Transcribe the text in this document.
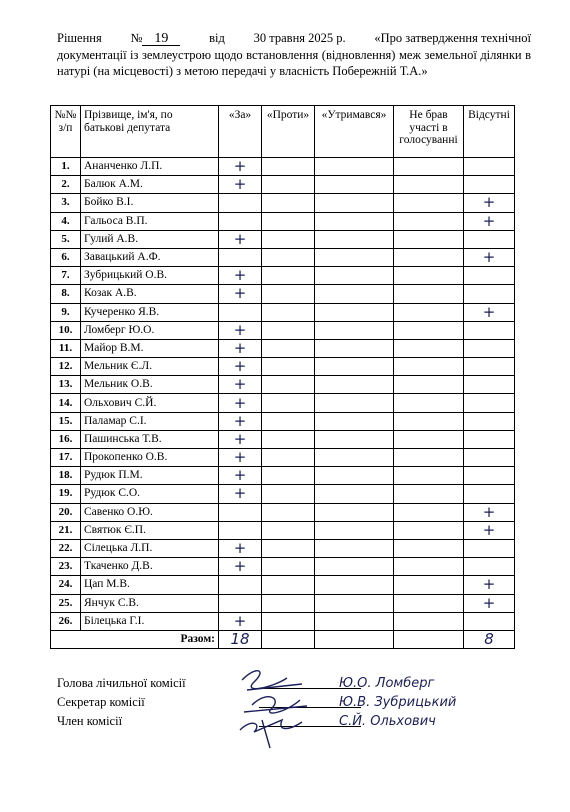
Рішення № 19	від 30 травня 2025 р. «Про затвердження технічної
документації із землеустрою щодо встановлення (відновлення) меж земельної ділянки в натурі (на місцевості) з метою передачі у власність Побережній Т.А.»
№№ з/п	Прізвище, ім'я, по батькові депутата	«За»	«Проти»	«Утримався»	Не брав участі в голосуванні	Відсутні
1.	Ананченко Л.П.	+				
2.	Балюк А.М.	+				
3.	Бойко В.І.					+
4.	Гальоса В.П.					+
5.	Гулий А.В.	+				
6.	Завацький А.Ф.					+
7.	Зубрицький О.В.	+				
8.	Козак А.В.	+				
9.	Кучеренко Я.В.					+
10.	Ломберг Ю.О.	+				
11.	Майор В.М.	+				
12.	Мельник Є.Л.	+				
13.	Мельник О.В.	+				
14.	Ольхович С.Й.	+				
15.	Паламар С.І.	+				
16.	Пашинська Т.В.	+				
17.	Прокопенко О.В.	+				
18.	Рудюк П.М.	+				
19.	Рудюк С.О.	+				
20.	Савенко О.Ю.					+
21.	Святюк Є.П.					+
22.	Сілецька Л.П.	+				
23.	Ткаченко Д.В.	+				
24.	Цап М.В.					+
25.	Янчук С.В.					+
26.	Білецька Г.І.	+				
Разом:		18				8
Голова лічильної комісії	Ю.О. Ломберг
Секретар комісії	Ю.В. Зубрицький
Член комісії	С.Й. Ольхович
